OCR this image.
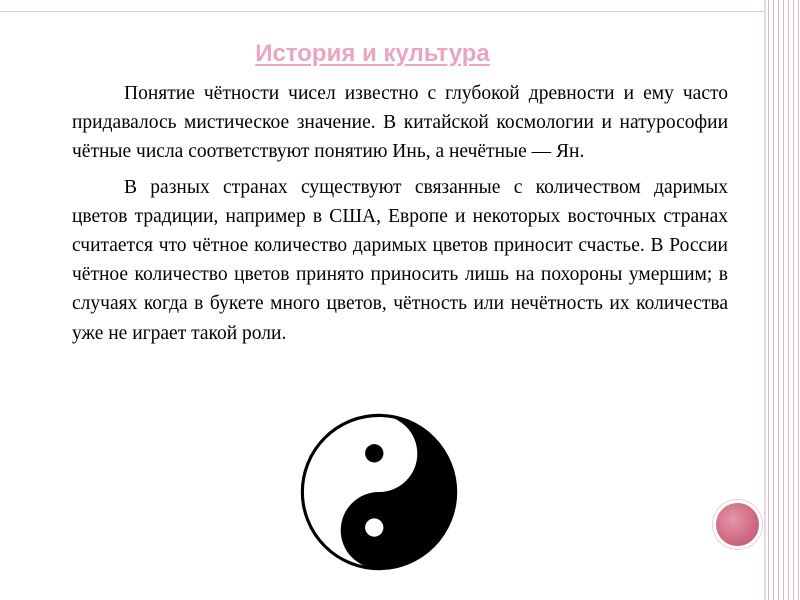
История и культура

Понятие чётности чисел известно с глубокой древности и ему часто придавалось мистическое значение. В китайской космологии и натурософии чётные числа соответствуют понятию Инь, а нечётные — Ян.

В разных странах существуют связанные с количеством даримых цветов традиции, например в США, Европе и некоторых восточных странах считается что чётное количество даримых цветов приносит счастье. В России чётное количество цветов принято приносить лишь на похороны умершим; в случаях когда в букете много цветов, чётность или нечётность их количества уже не играет такой роли.
